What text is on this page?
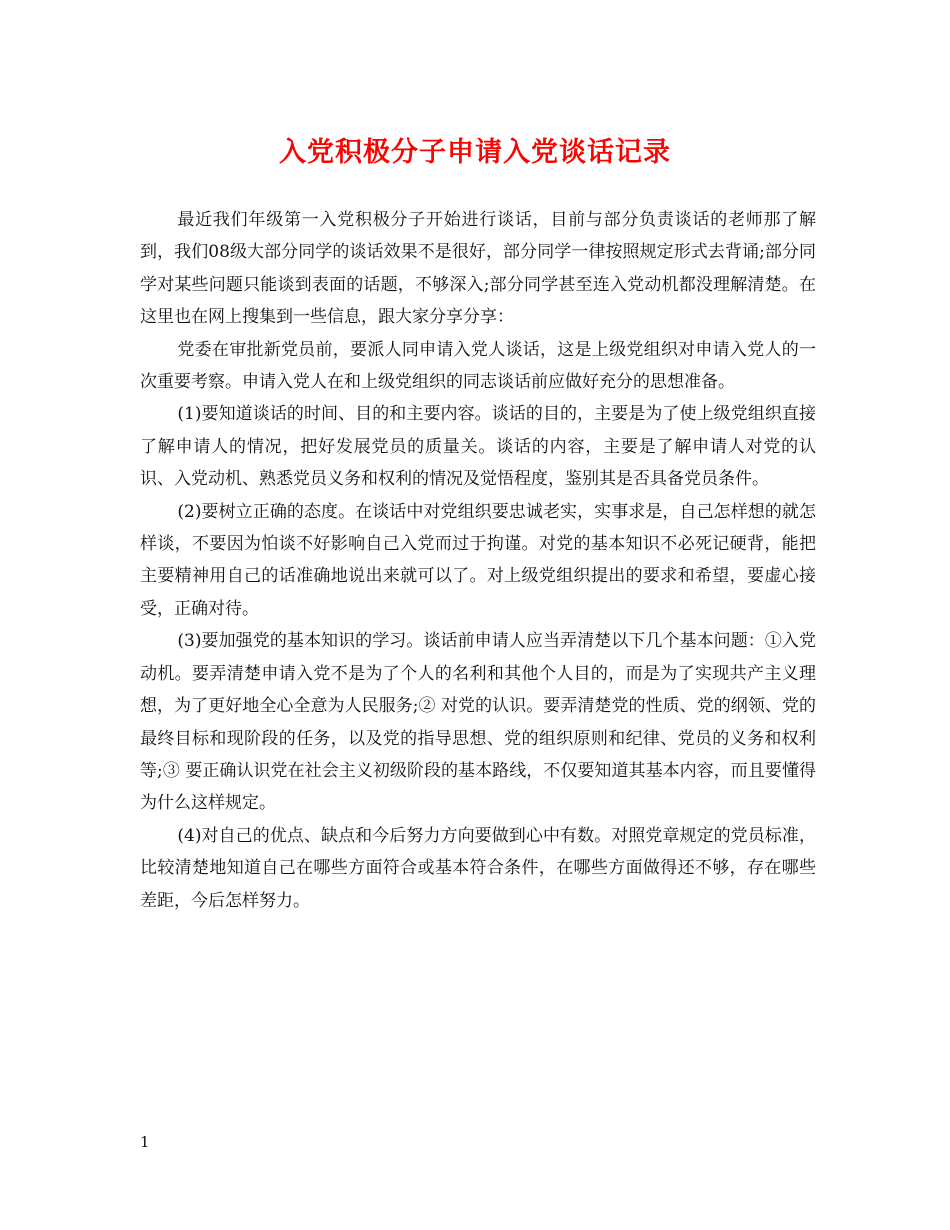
入党积极分子申请入党谈话记录

最近我们年级第一入党积极分子开始进行谈话，目前与部分负责谈话的老师那了解到，我们08级大部分同学的谈话效果不是很好，部分同学一律按照规定形式去背诵;部分同学对某些问题只能谈到表面的话题，不够深入;部分同学甚至连入党动机都没理解清楚。在这里也在网上搜集到一些信息，跟大家分享分享：

党委在审批新党员前，要派人同申请入党人谈话，这是上级党组织对申请入党人的一次重要考察。申请入党人在和上级党组织的同志谈话前应做好充分的思想准备。

(1)要知道谈话的时间、目的和主要内容。谈话的目的，主要是为了使上级党组织直接了解申请人的情况，把好发展党员的质量关。谈话的内容，主要是了解申请人对党的认识、入党动机、熟悉党员义务和权利的情况及觉悟程度，鉴别其是否具备党员条件。

(2)要树立正确的态度。在谈话中对党组织要忠诚老实，实事求是，自己怎样想的就怎样谈，不要因为怕谈不好影响自己入党而过于拘谨。对党的基本知识不必死记硬背，能把主要精神用自己的话准确地说出来就可以了。对上级党组织提出的要求和希望，要虚心接受，正确对待。

(3)要加强党的基本知识的学习。谈话前申请人应当弄清楚以下几个基本问题：①入党动机。要弄清楚申请入党不是为了个人的名利和其他个人目的，而是为了实现共产主义理想，为了更好地全心全意为人民服务;② 对党的认识。要弄清楚党的性质、党的纲领、党的最终目标和现阶段的任务，以及党的指导思想、党的组织原则和纪律、党员的义务和权利等;③ 要正确认识党在社会主义初级阶段的基本路线，不仅要知道其基本内容，而且要懂得为什么这样规定。

(4)对自己的优点、缺点和今后努力方向要做到心中有数。对照党章规定的党员标准，比较清楚地知道自己在哪些方面符合或基本符合条件，在哪些方面做得还不够，存在哪些差距，今后怎样努力。

1
